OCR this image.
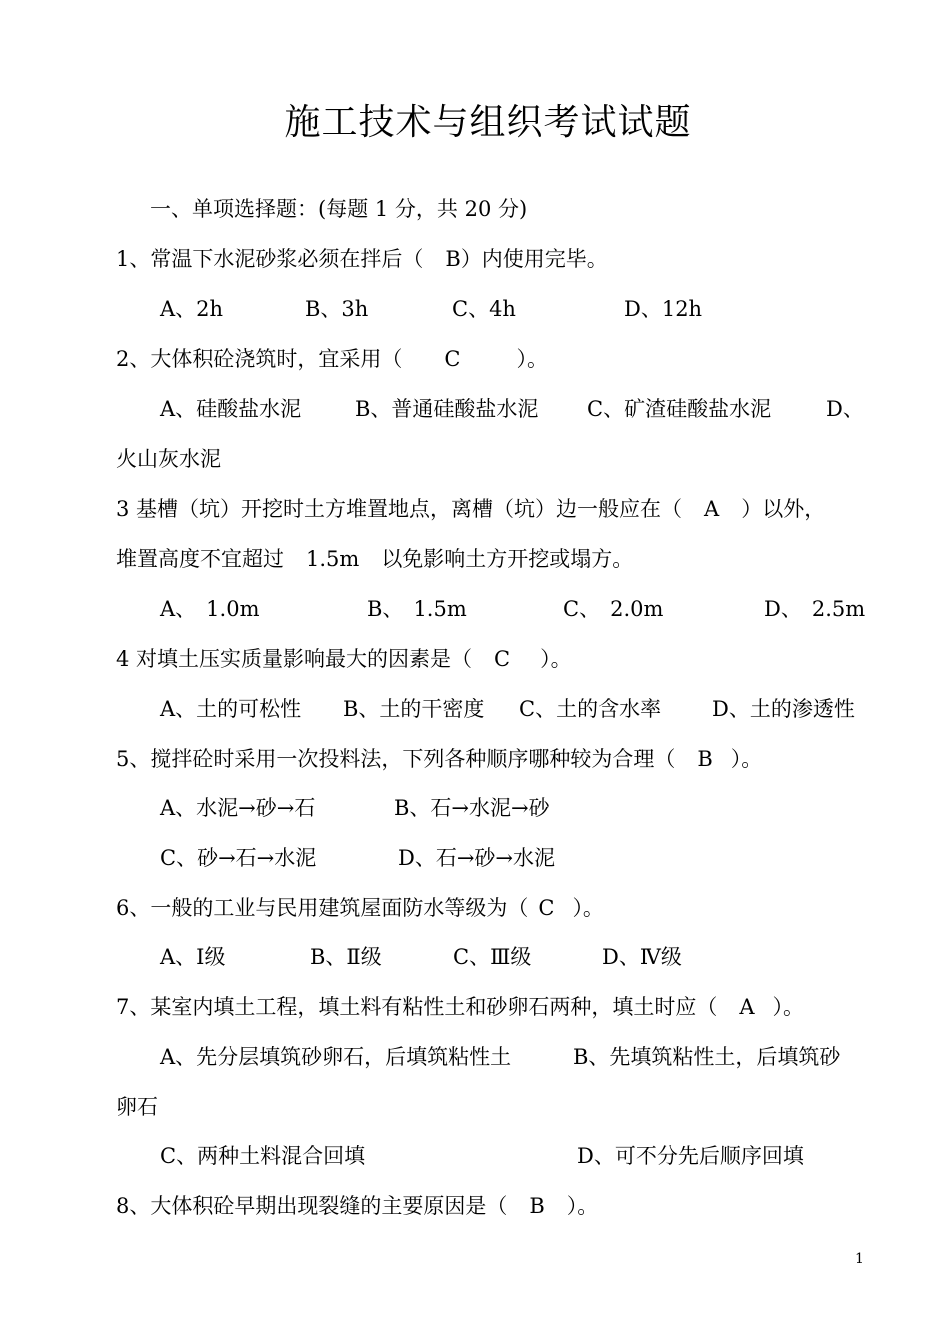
施工技术与组织考试试题
一、单项选择题：(每题 1 分，共 20 分)
1、常温下水泥砂浆必须在拌后（ B）内使用完毕。
A、2h	B、3h	C、4h	D、12h
2、大体积砼浇筑时，宜采用（ C	）。
A、硅酸盐水泥	B、普通硅酸盐水泥 C、矿渣硅酸盐水泥	D、
火山灰水泥
3 基槽（坑）开挖时土方堆置地点，离槽（坑）边一般应在（ A ）以外，
堆置高度不宜超过 1.5m 以免影响土方开挖或塌方。
A、 1.0m	B、 1.5m	C、 2.0m	D、 2.5m
4 对填土压实质量影响最大的因素是（ C ）。
A、土的可松性 B、土的干密度 C、土的含水率 D、土的渗透性
5、搅拌砼时采用一次投料法，下列各种顺序哪种较为合理（ B ）。
A、水泥→砂→石	B、石→水泥→砂
C、砂→石→水泥	D、石→砂→水泥
6、一般的工业与民用建筑屋面防水等级为（ C ）。
A、Ⅰ级	B、Ⅱ级	C、Ⅲ级	D、Ⅳ级
7、某室内填土工程，填土料有粘性土和砂卵石两种，填土时应（ A ）。
A、先分层填筑砂卵石，后填筑粘性土	B、先填筑粘性土，后填筑砂
卵石
C、两种土料混合回填	D、可不分先后顺序回填
8、大体积砼早期出现裂缝的主要原因是（ B ）。
1
